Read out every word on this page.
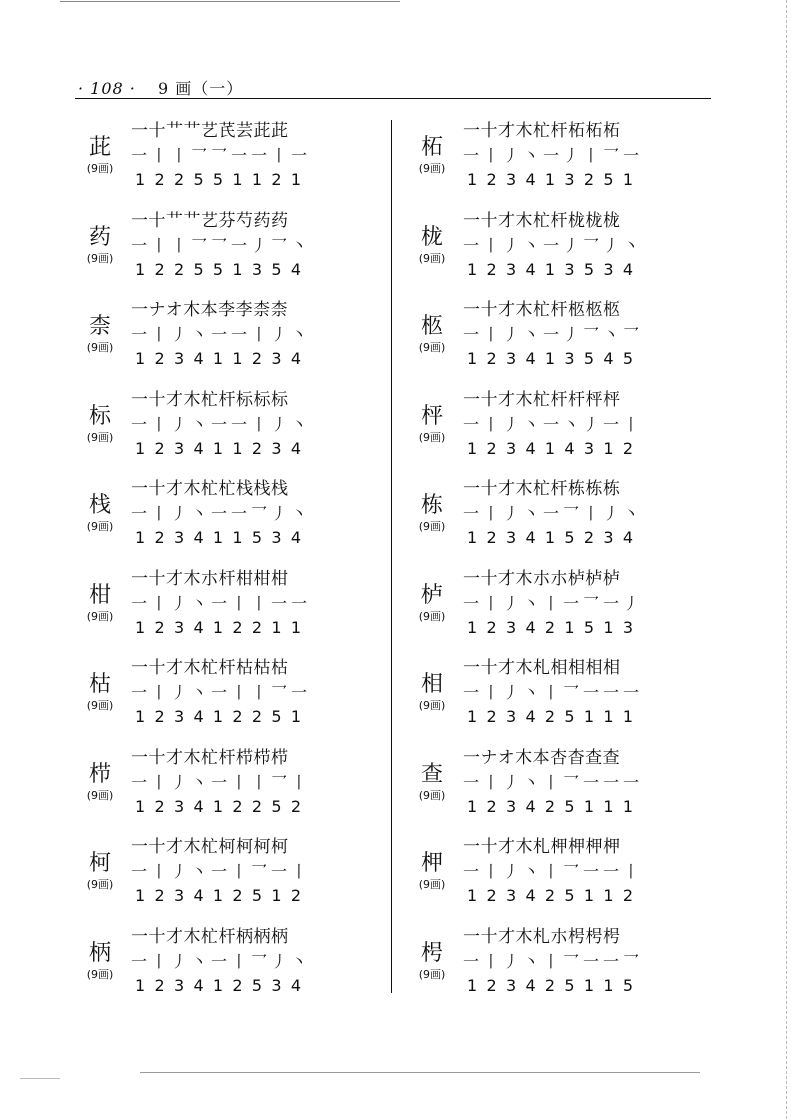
· 108 · 9 画（一）
茈
(9画)
一十艹艹艺芪芸茈茈
一丨丨乛乛一一丨一
122551121
药
(9画)
一十艹艹艺芬芍药药
一丨丨乛乛一丿乛丶
122551354
柰
(9画)
一ナオ木本李李柰柰
一丨丿丶一一丨丿丶
123411234
标
(9画)
一十才木杧杆标标标
一丨丿丶一一丨丿丶
123411234
栈
(9画)
一十才木杧杧栈栈栈
一丨丿丶一一乛丿丶
123411534
柑
(9画)
一十才木朩杆柑柑柑
一丨丿丶一丨丨一一
123412211
枯
(9画)
一十才木杧杆枯枯枯
一丨丿丶一丨丨乛一
123412251
栉
(9画)
一十才木杧杆栉栉栉
一丨丿丶一丨丨乛丨
123412252
柯
(9画)
一十才木杧柯柯柯柯
一丨丿丶一丨乛一丨
123412512
柄
(9画)
一十才木杧杆柄柄柄
一丨丿丶一丨乛丿丶
123412534
柘
(9画)
一十才木杧杆柘柘柘
一丨丿丶一丿丨乛一
123413251
栊
(9画)
一十才木杧杆栊栊栊
一丨丿丶一丿乛丿丶
123413534
柩
(9画)
一十才木杧杆柩柩柩
一丨丿丶一丿乛丶乛
123413545
枰
(9画)
一十才木杧杆杆枰枰
一丨丿丶一丶丿一丨
123414312
栋
(9画)
一十才木杧杆栋栋栋
一丨丿丶一乛丨丿丶
123415234
栌
(9画)
一十才木朩朩栌栌栌
一丨丿丶丨一乛一丿
123421513
相
(9画)
一十才木札相相相相
一丨丿丶丨乛一一一
123425111
查
(9画)
一ナオ木本杏杳查查
一丨丿丶丨乛一一一
123425111
柙
(9画)
一十才木札柙柙柙柙
一丨丿丶丨乛一一丨
123425112
枵
(9画)
一十才木札朩枵枵枵
一丨丿丶丨乛一一乛
123425115
